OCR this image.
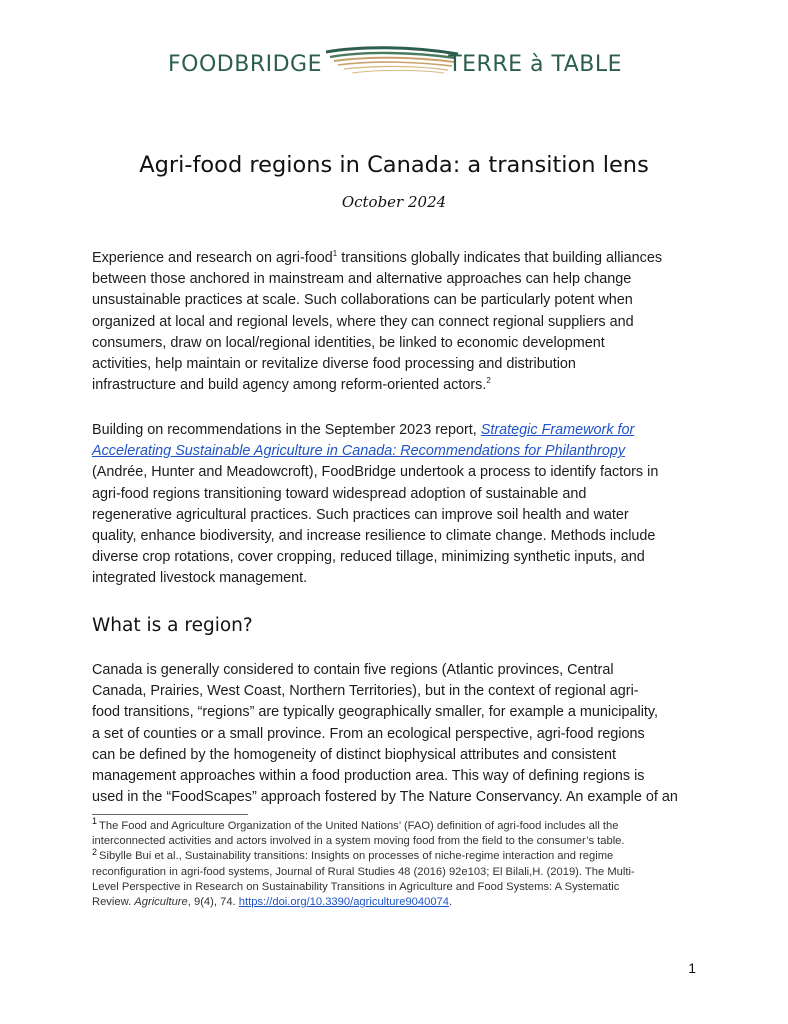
FOODBRIDGE	TERRE à TABLE
Agri-food regions in Canada: a transition lens
October 2024
Experience and research on agri-food$^1$ transitions globally indicates that building alliances
between those anchored in mainstream and alternative approaches can help change
unsustainable practices at scale. Such collaborations can be particularly potent when
organized at local and regional levels, where they can connect regional suppliers and
consumers, draw on local/regional identities, be linked to economic development
activities, help maintain or revitalize diverse food processing and distribution
infrastructure and build agency among reform-oriented actors.$^2$
Building on recommendations in the September 2023 report, Strategic Framework for
Accelerating Sustainable Agriculture in Canada: Recommendations for Philanthropy
(Andrée, Hunter and Meadowcroft), FoodBridge undertook a process to identify factors in
agri-food regions transitioning toward widespread adoption of sustainable and
regenerative agricultural practices. Such practices can improve soil health and water
quality, enhance biodiversity, and increase resilience to climate change. Methods include
diverse crop rotations, cover cropping, reduced tillage, minimizing synthetic inputs, and
integrated livestock management.
What is a region?
Canada is generally considered to contain five regions (Atlantic provinces, Central
Canada, Prairies, West Coast, Northern Territories), but in the context of regional agri-
food transitions, “regions” are typically geographically smaller, for example a municipality,
a set of counties or a small province. From an ecological perspective, agri-food regions
can be defined by the homogeneity of distinct biophysical attributes and consistent
management approaches within a food production area. This way of defining regions is
used in the “FoodScapes” approach fostered by The Nature Conservancy. An example of an
$^1$ The Food and Agriculture Organization of the United Nations’ (FAO) definition of agri-food includes all the
interconnected activities and actors involved in a system moving food from the field to the consumer’s table.
$^2$ Sibylle Bui et al., Sustainability transitions: Insights on processes of niche-regime interaction and regime
reconfiguration in agri-food systems, Journal of Rural Studies 48 (2016) 92e103; El Bilali,H. (2019). The Multi-
Level Perspective in Research on Sustainability Transitions in Agriculture and Food Systems: A Systematic
Review. Agriculture, 9(4), 74. https://doi.org/10.3390/agriculture9040074.
1
